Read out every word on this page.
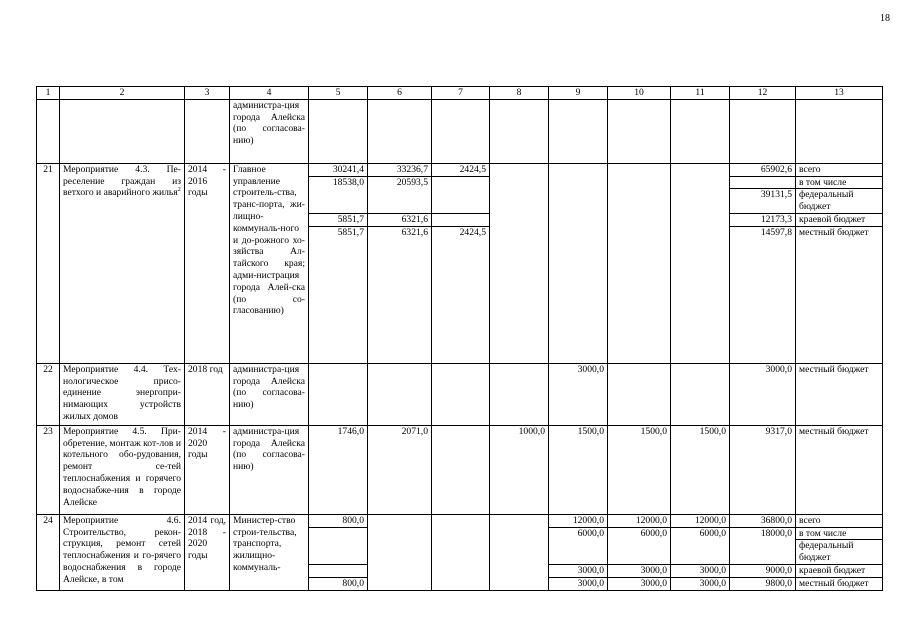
18
1	2	3	4	5	6	7	8	9	10	11	12	13
			администра-ция города Алейска (по согласова-нию)									
21	Мероприятие 4.3. Пе-реселение граждан из ветхого и аварийного жилья$^2$	2014 - 2016 годы	Главное управление строитель-ства, транс-порта, жи-лищно-коммуналь-ного и до-рожного хо-зяйства Ал-тайского края; адми-нистрация города Алей-ска (по со-гласованию)	30241,4	33236,7	2424,5					65902,6	всего

				18538,0	20593,5							в том числе

											39131,5	федеральный бюджет

				5851,7	6321,6						12173,3	краевой бюджет

				5851,7	6321,6	2424,5					14597,8	местный бюджет
22	Мероприятие 4.4. Тех-нологическое присо-единение энергопри-нимающих устройств жилых домов	2018 год	администра-ция города Алейска (по согласова-нию)					3000,0			3000,0	местный бюджет
23	Мероприятие 4.5. При-обретение, монтаж кот-лов и котельного обо-рудования, ремонт се-тей теплоснабжения и горячего водоснабже-ния в городе Алейске	2014 - 2020 годы	администра-ция города Алейска (по согласова-нию)	1746,0	2071,0		1000,0	1500,0	1500,0	1500,0	9317,0	местный бюджет
24	Мероприятие 4.6. Строительство, рекон-струкция, ремонт сетей теплоснабжения и го-рячего водоснабжения в городе Алейске, в том	2014 год, 2018 - 2020 годы	Министер-ство строи-тельства, транспорта, жилищно-коммуналь-	800,0				12000,0	12000,0	12000,0	36800,0	всего

								6000,0	6000,0	6000,0	18000,0	в том числе
												федеральный бюджет

								3000,0	3000,0	3000,0	9000,0	краевой бюджет

				800,0				3000,0	3000,0	3000,0	9800,0	местный бюджет
